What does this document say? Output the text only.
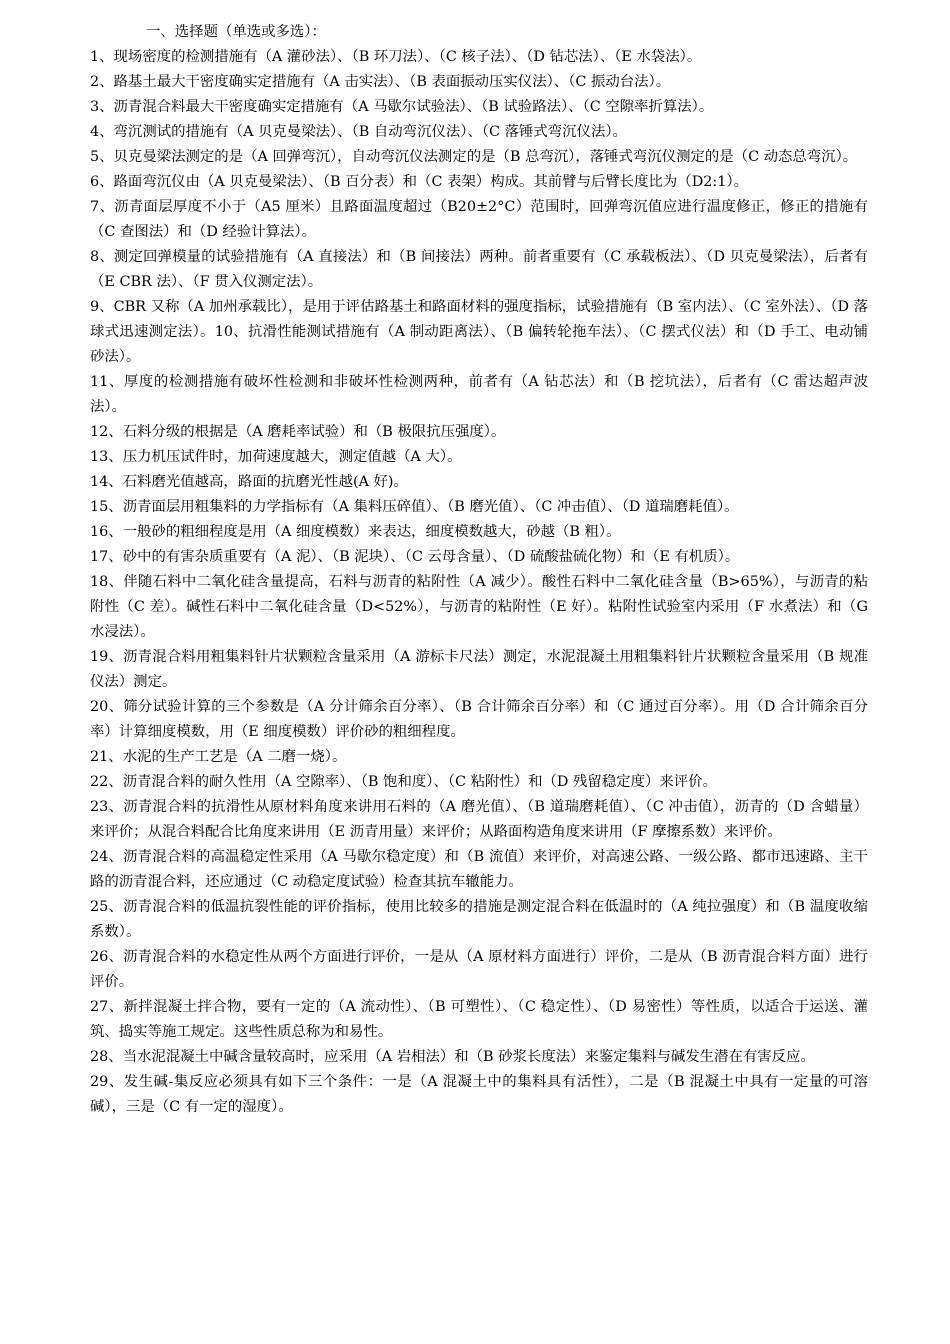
一、选择题（单选或多选）：

1、现场密度的检测措施有（A 灌砂法）、（B 环刀法）、（C 核子法）、（D 钻芯法）、（E 水袋法）。

2、路基土最大干密度确实定措施有（A 击实法）、（B 表面振动压实仪法）、（C 振动台法）。

3、沥青混合料最大干密度确实定措施有（A 马歇尔试验法）、（B 试验路法）、（C 空隙率折算法）。

4、弯沉测试的措施有（A 贝克曼梁法）、（B 自动弯沉仪法）、（C 落锤式弯沉仪法）。

5、贝克曼梁法测定的是（A 回弹弯沉），自动弯沉仪法测定的是（B 总弯沉），落锤式弯沉仪测定的是（C 动态总弯沉）。

6、路面弯沉仪由（A 贝克曼梁法）、（B 百分表）和（C 表架）构成。其前臂与后臂长度比为（D2:1）。

7、沥青面层厚度不小于（A5 厘米）且路面温度超过（B20±2°C）范围时，回弹弯沉值应进行温度修正，修正的措施有（C 查图法）和（D 经验计算法）。

8、测定回弹模量的试验措施有（A 直接法）和（B 间接法）两种。前者重要有（C 承载板法）、（D 贝克曼梁法），后者有（E CBR 法）、（F 贯入仪测定法）。

9、CBR 又称（A 加州承载比），是用于评估路基土和路面材料的强度指标，试验措施有（B 室内法）、（C 室外法）、（D 落球式迅速测定法）。10、抗滑性能测试措施有（A 制动距离法）、（B 偏转轮拖车法）、（C 摆式仪法）和（D 手工、电动铺砂法）。

11、厚度的检测措施有破坏性检测和非破坏性检测两种，前者有（A 钻芯法）和（B 挖坑法），后者有（C 雷达超声波法）。

12、石料分级的根据是（A 磨耗率试验）和（B 极限抗压强度）。

13、压力机压试件时，加荷速度越大，测定值越（A 大）。

14、石料磨光值越高，路面的抗磨光性越(A 好)。

15、沥青面层用粗集料的力学指标有（A 集料压碎值）、（B 磨光值）、（C 冲击值）、（D 道瑞磨耗值）。

16、一般砂的粗细程度是用（A 细度模数）来表达，细度模数越大，砂越（B 粗）。

17、砂中的有害杂质重要有（A 泥）、（B 泥块）、（C 云母含量）、（D 硫酸盐硫化物）和（E 有机质）。

18、伴随石料中二氧化硅含量提高，石料与沥青的粘附性（A 减少）。酸性石料中二氧化硅含量（B>65%），与沥青的粘附性（C 差）。碱性石料中二氧化硅含量（D<52%），与沥青的粘附性（E 好）。粘附性试验室内采用（F 水煮法）和（G 水浸法）。

19、沥青混合料用粗集料针片状颗粒含量采用（A 游标卡尺法）测定，水泥混凝土用粗集料针片状颗粒含量采用（B 规准仪法）测定。

20、筛分试验计算的三个参数是（A 分计筛余百分率）、（B 合计筛余百分率）和（C 通过百分率）。用（D 合计筛余百分率）计算细度模数，用（E 细度模数）评价砂的粗细程度。

21、水泥的生产工艺是（A 二磨一烧）。

22、沥青混合料的耐久性用（A 空隙率）、（B 饱和度）、（C 粘附性）和（D 残留稳定度）来评价。

23、沥青混合料的抗滑性从原材料角度来讲用石料的（A 磨光值）、（B 道瑞磨耗值）、（C 冲击值），沥青的（D 含蜡量）来评价；从混合料配合比角度来讲用（E 沥青用量）来评价；从路面构造角度来讲用（F 摩擦系数）来评价。

24、沥青混合料的高温稳定性采用（A 马歇尔稳定度）和（B 流值）来评价，对高速公路、一级公路、都市迅速路、主干路的沥青混合料，还应通过（C 动稳定度试验）检查其抗车辙能力。

25、沥青混合料的低温抗裂性能的评价指标，使用比较多的措施是测定混合料在低温时的（A 纯拉强度）和（B 温度收缩系数）。

26、沥青混合料的水稳定性从两个方面进行评价，一是从（A 原材料方面进行）评价，二是从（B 沥青混合料方面）进行评价。

27、新拌混凝土拌合物，要有一定的（A 流动性）、（B 可塑性）、（C 稳定性）、（D 易密性）等性质，以适合于运送、灌筑、捣实等施工规定。这些性质总称为和易性。

28、当水泥混凝土中碱含量较高时，应采用（A 岩相法）和（B 砂浆长度法）来鉴定集料与碱发生潜在有害反应。

29、发生碱-集反应必须具有如下三个条件：一是（A 混凝土中的集料具有活性），二是（B 混凝土中具有一定量的可溶碱），三是（C 有一定的湿度）。
